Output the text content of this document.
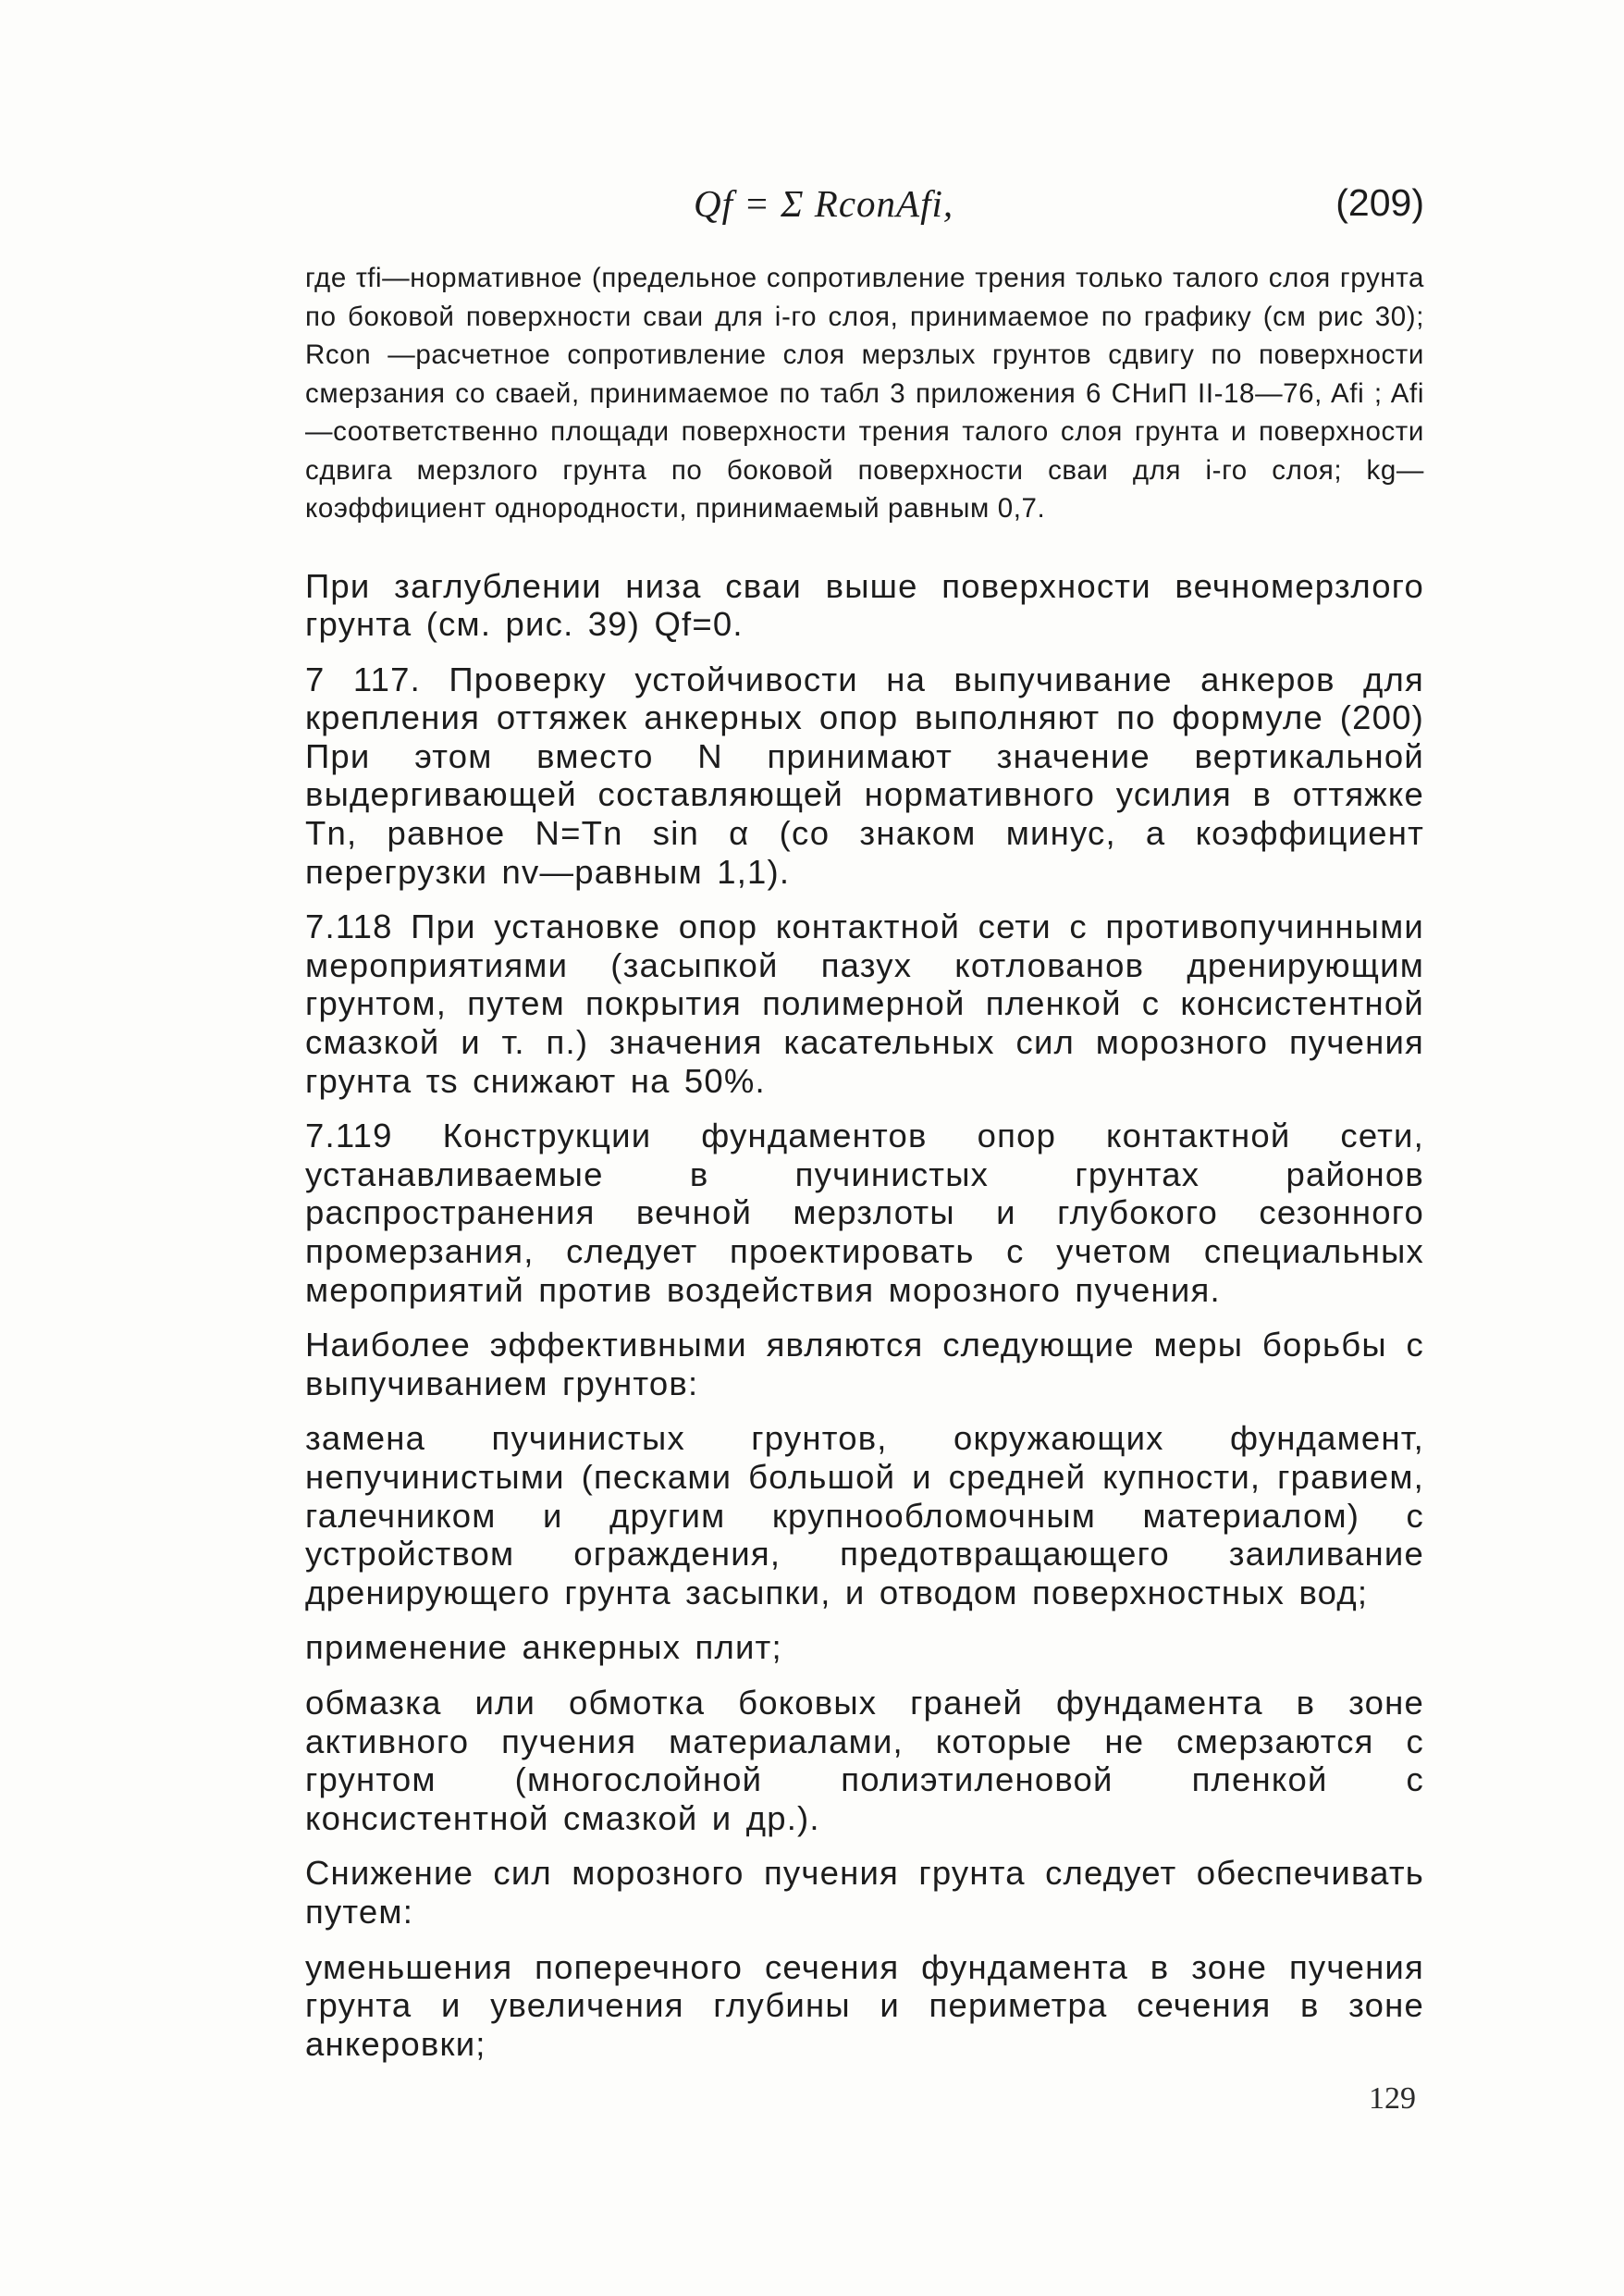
Qf = Σ RconAfi,	(209)

где τfi—нормативное (предельное сопротивление трения только талого слоя грунта по боковой поверхности сваи для i-го слоя, принимаемое по графику (см рис 30); Rcon —расчетное сопротивление слоя мерзлых грунтов сдвигу по поверхности смерзания со сваей, принимаемое по табл 3 приложения 6 СНиП II-18—76, Afi ; Afi —соответственно площади поверхности трения талого слоя грунта и поверхности сдвига мерзлого грунта по боковой поверхности сваи для i-го слоя; kg—коэффициент однородности, принимаемый равным 0,7.

При заглублении низа сваи выше поверхности вечномерзлого грунта (см. рис. 39) Qf=0.

7 117. Проверку устойчивости на выпучивание анкеров для крепления оттяжек анкерных опор выполняют по формуле (200) При этом вместо N принимают значение вертикальной выдергивающей составляющей нормативного усилия в оттяжке Tn, равное N=Tn sin α (со знаком минус, а коэффициент перегрузки nv—равным 1,1).

7.118 При установке опор контактной сети с противопучинными мероприятиями (засыпкой пазух котлованов дренирующим грунтом, путем покрытия полимерной пленкой с консистентной смазкой и т. п.) значения касательных сил морозного пучения грунта τs снижают на 50%.

7.119 Конструкции фундаментов опор контактной сети, устанавливаемые в пучинистых грунтах районов распространения вечной мерзлоты и глубокого сезонного промерзания, следует проектировать с учетом специальных мероприятий против воздействия морозного пучения.

Наиболее эффективными являются следующие меры борьбы с выпучиванием грунтов:

замена пучинистых грунтов, окружающих фундамент, непучинистыми (песками большой и средней купности, гравием, галечником и другим крупнообломочным материалом) с устройством ограждения, предотвращающего заиливание дренирующего грунта засыпки, и отводом поверхностных вод;

применение анкерных плит;

обмазка или обмотка боковых граней фундамента в зоне активного пучения материалами, которые не смерзаются с грунтом (многослойной полиэтиленовой пленкой с консистентной смазкой и др.).

Снижение сил морозного пучения грунта следует обеспечивать путем:

уменьшения поперечного сечения фундамента в зоне пучения грунта и увеличения глубины и периметра сечения в зоне анкеровки;

129
